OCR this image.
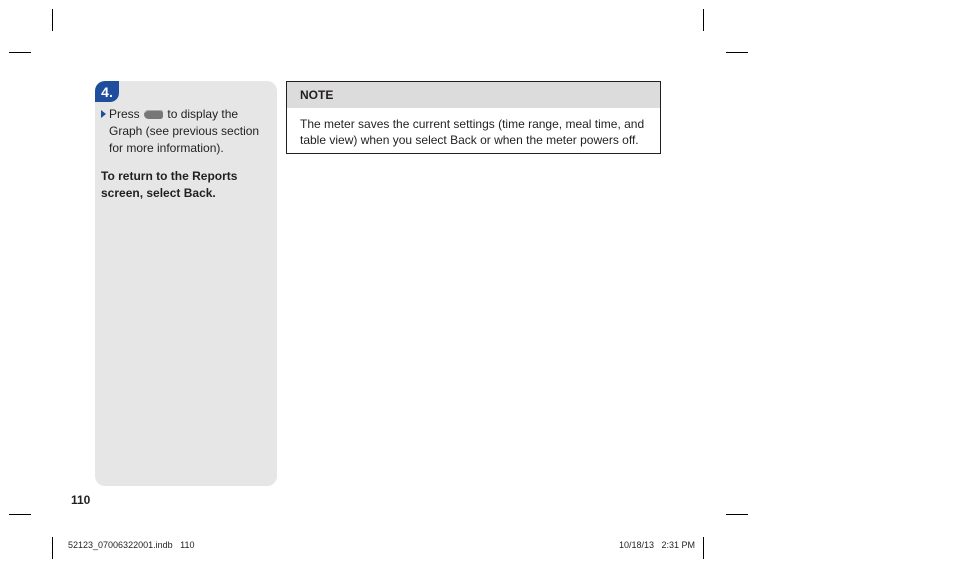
4.
Press to display the Graph (see previous section for more information).
To return to the Reports screen, select Back.
NOTE
The meter saves the current settings (time range, meal time, and table view) when you select Back or when the meter powers off.
110
52123_07006322001.indb   110	10/18/13   2:31 PM
